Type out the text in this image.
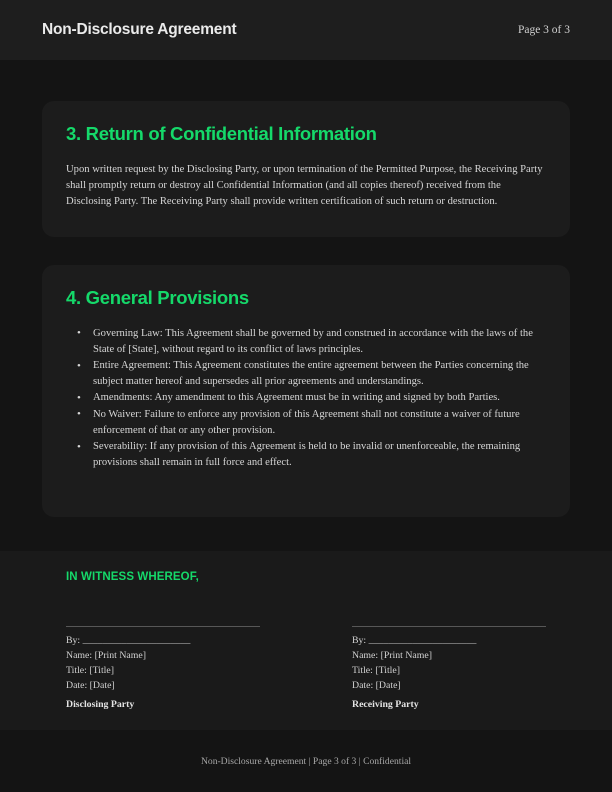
Non-Disclosure Agreement	Page 3 of 3
3. Return of Confidential Information
Upon written request by the Disclosing Party, or upon termination of the Permitted Purpose, the Receiving Party shall promptly return or destroy all Confidential Information (and all copies thereof) received from the Disclosing Party. The Receiving Party shall provide written certification of such return or destruction.
4. General Provisions
• Governing Law: This Agreement shall be governed by and construed in accordance with the laws of the State of [State], without regard to its conflict of laws principles.
• Entire Agreement: This Agreement constitutes the entire agreement between the Parties concerning the subject matter hereof and supersedes all prior agreements and understandings.
• Amendments: Any amendment to this Agreement must be in writing and signed by both Parties.
• No Waiver: Failure to enforce any provision of this Agreement shall not constitute a waiver of future enforcement of that or any other provision.
• Severability: If any provision of this Agreement is held to be invalid or unenforceable, the remaining provisions shall remain in full force and effect.
IN WITNESS WHEREOF,
By: ______________________
Name: [Print Name]
Title: [Title]
Date: [Date]
Disclosing Party
By: ______________________
Name: [Print Name]
Title: [Title]
Date: [Date]
Receiving Party
Non-Disclosure Agreement | Page 3 of 3 | Confidential
